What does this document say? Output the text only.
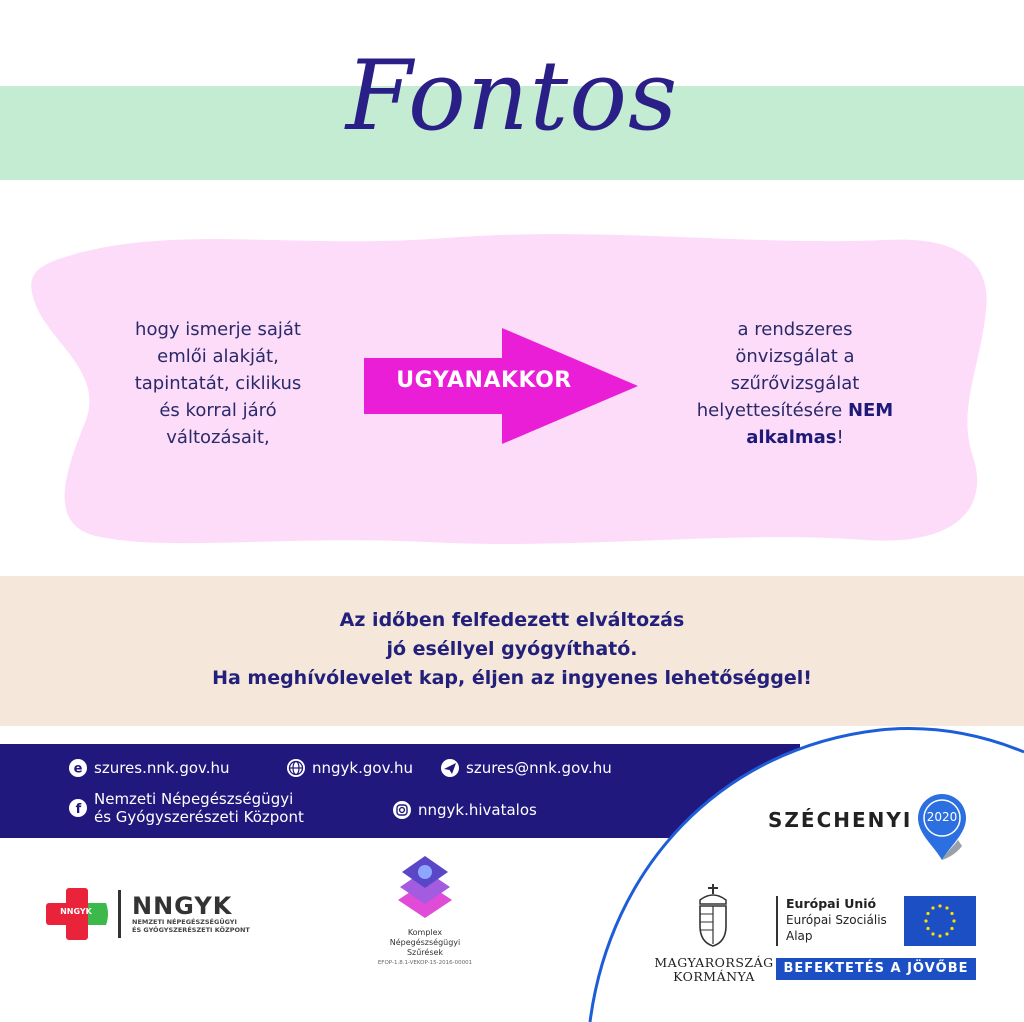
Fontos
hogy ismerje saját
emlői alakját,
tapintatát, ciklikus
és korral járó
változásait,
UGYANAKKOR
a rendszeres
önvizsgálat a
szűrővizsgálat
helyettesítésére NEM
alkalmas!
Az időben felfedezett elváltozás
jó eséllyel gyógyítható.
Ha meghívólevelet kap, éljen az ingyenes lehetőséggel!
e szures.nnk.gov.hu	nngyk.gov.hu	szures@nnk.gov.hu
f
Nemzeti Népegészségügyi
és Gyógyszerészeti Központ	nngyk.hivatalos
NNGYK	NNGYK
NEMZETI NÉPEGÉSZSÉGÜGYI
ÉS GYÓGYSZERÉSZETI KÖZPONT	Komplex
Népegészségügyi
Szűrések
EFOP-1.8.1-VEKOP-15-2016-00001
SZÉCHENYI	2020
MAGYARORSZÁG
KORMÁNYA
Európai Unió
Európai Szociális
Alap
BEFEKTETÉS A JÖVŐBE
